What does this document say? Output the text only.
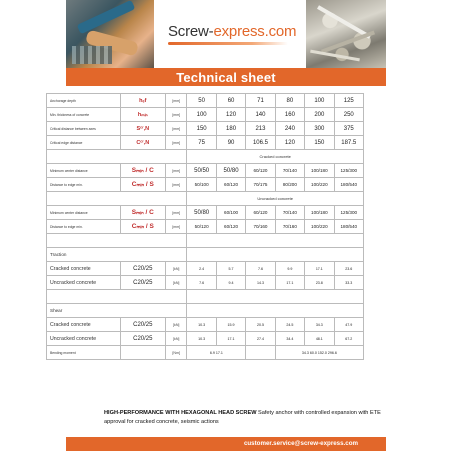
Screw-express.com
Technical sheet
HIGH-PERFORMANCE WITH HEXAGONAL HEAD SCREW Safety anchor with controlled expansion with ETE approval for cracked concrete, seismic actions
customer.service@screw-express.com
Anchorage depth	hₑf	[mm]	50	60	71	80	100	125
Min. thickness of concrete	hₘᵢₙ	[mm]	100	120	140	160	200	250
Critical distance between axes	Sᶜʳ,N	[mm]	150	180	213	240	300	375
Critical edge distance	Cᶜʳ,N	[mm]	75	90	106.5	120	150	187.5
			Cracked concrete					
Minimum center distance	Sₘᵢₙ / C	[mm]	50/50	50/80	60/120	70/140	100/180	125/300
Distance to edge min.	Cₘᵢₙ / S	[mm]	50/100	60/120	70/175	80/200	100/220	180/540
			Uncracked concrete					
Minimum center distance	Sₘᵢₙ / C	[mm]	50/80	60/100	60/120	70/140	100/180	125/300
Distance to edge min.	Cₘᵢₙ / S	[mm]	50/120	60/120	70/160	70/160	100/220	180/540

Traction								
Cracked concrete	C20/25	[kN]	2.4	5.7	7.6	9.9	17.1	23.6
Uncracked concrete	C20/25	[kN]	7.6	9.4	14.3	17.1	23.8	33.3

Shear								
Cracked concrete	C20/25	[kN]	10.3	15.9	20.5	24.5	34.3	47.9
Uncracked concrete	C20/25	[kN]	10.3	17.1	27.4	34.4	48.1	67.2
Bending moment		[Nm]	6.9 17.1			34.3 60.0 152.0 296.6		
